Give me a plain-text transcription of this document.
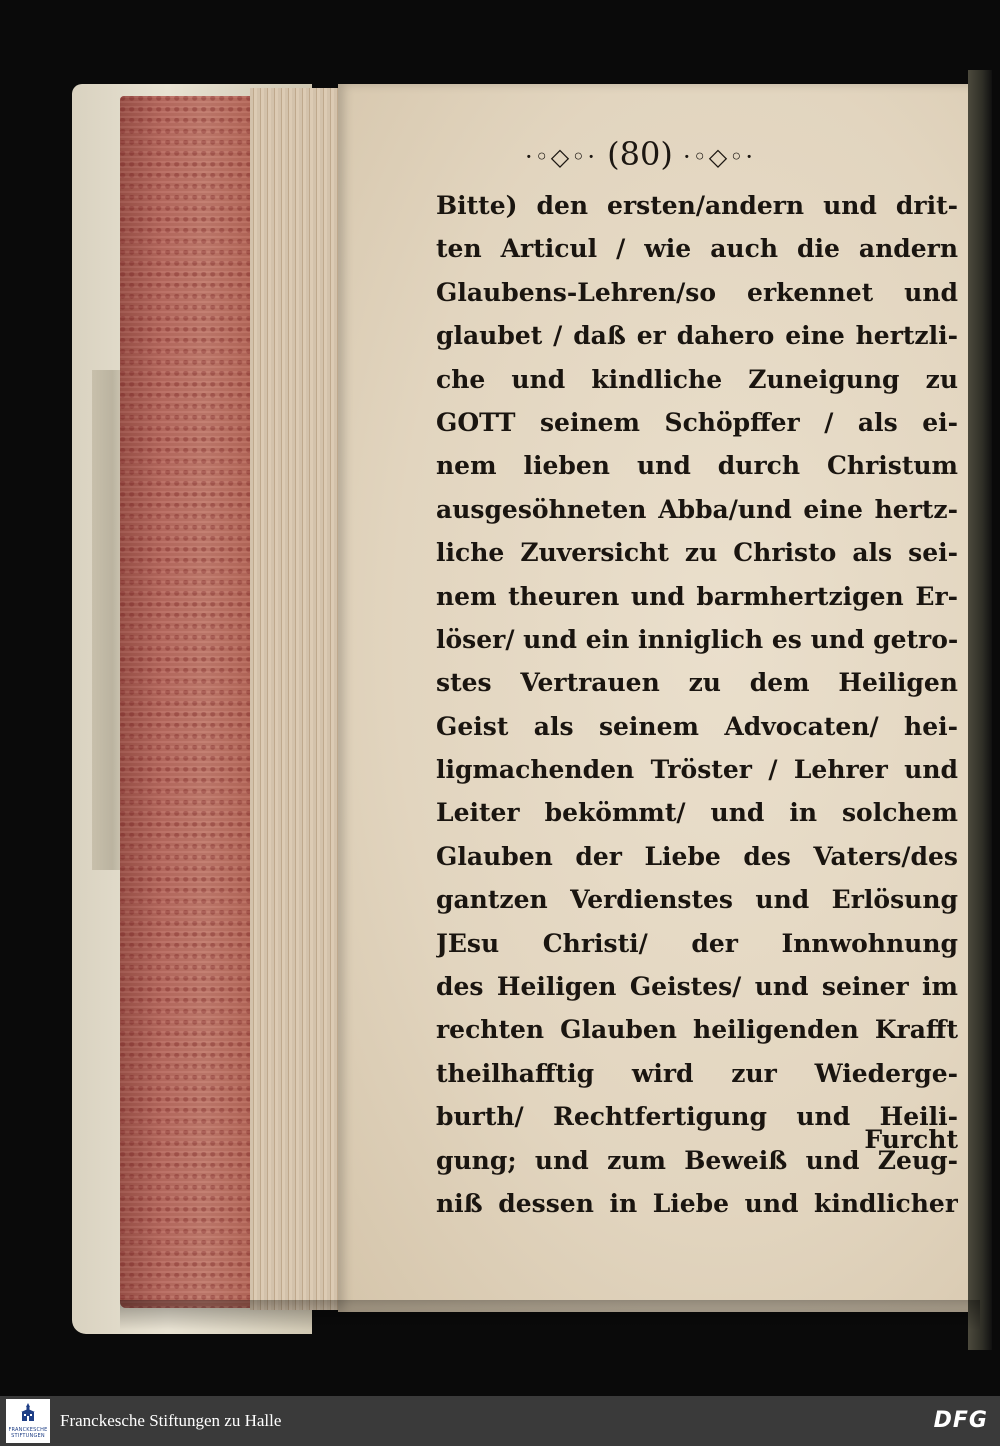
·◦◇◦· (80) ·◦◇◦·
Bitte) den ersten/andern und drit-
ten Articul / wie auch die andern
Glaubens-Lehren/so erkennet und
glaubet / daß er dahero eine hertzli-
che und kindliche Zuneigung zu
GOTT seinem Schöpffer / als ei-
nem lieben und durch Christum
ausgesöhneten Abba/und eine hertz-
liche Zuversicht zu Christo als sei-
nem theuren und barmhertzigen Er-
löser/ und ein inniglich es und getro-
stes Vertrauen zu dem Heiligen
Geist als seinem Advocaten/ hei-
ligmachenden Tröster / Lehrer und
Leiter bekömmt/ und in solchem
Glauben der Liebe des Vaters/des
gantzen Verdienstes und Erlösung
JEsu Christi/ der Innwohnung
des Heiligen Geistes/ und seiner im
rechten Glauben heiligenden Krafft
theilhafftig wird zur Wiederge-
burth/ Rechtfertigung und Heili-
gung; und zum Beweiß und Zeug-
niß dessen in Liebe und kindlicher
Furcht
FRANCKESCHE STIFTUNGEN
Franckesche Stiftungen zu Halle	DFG
